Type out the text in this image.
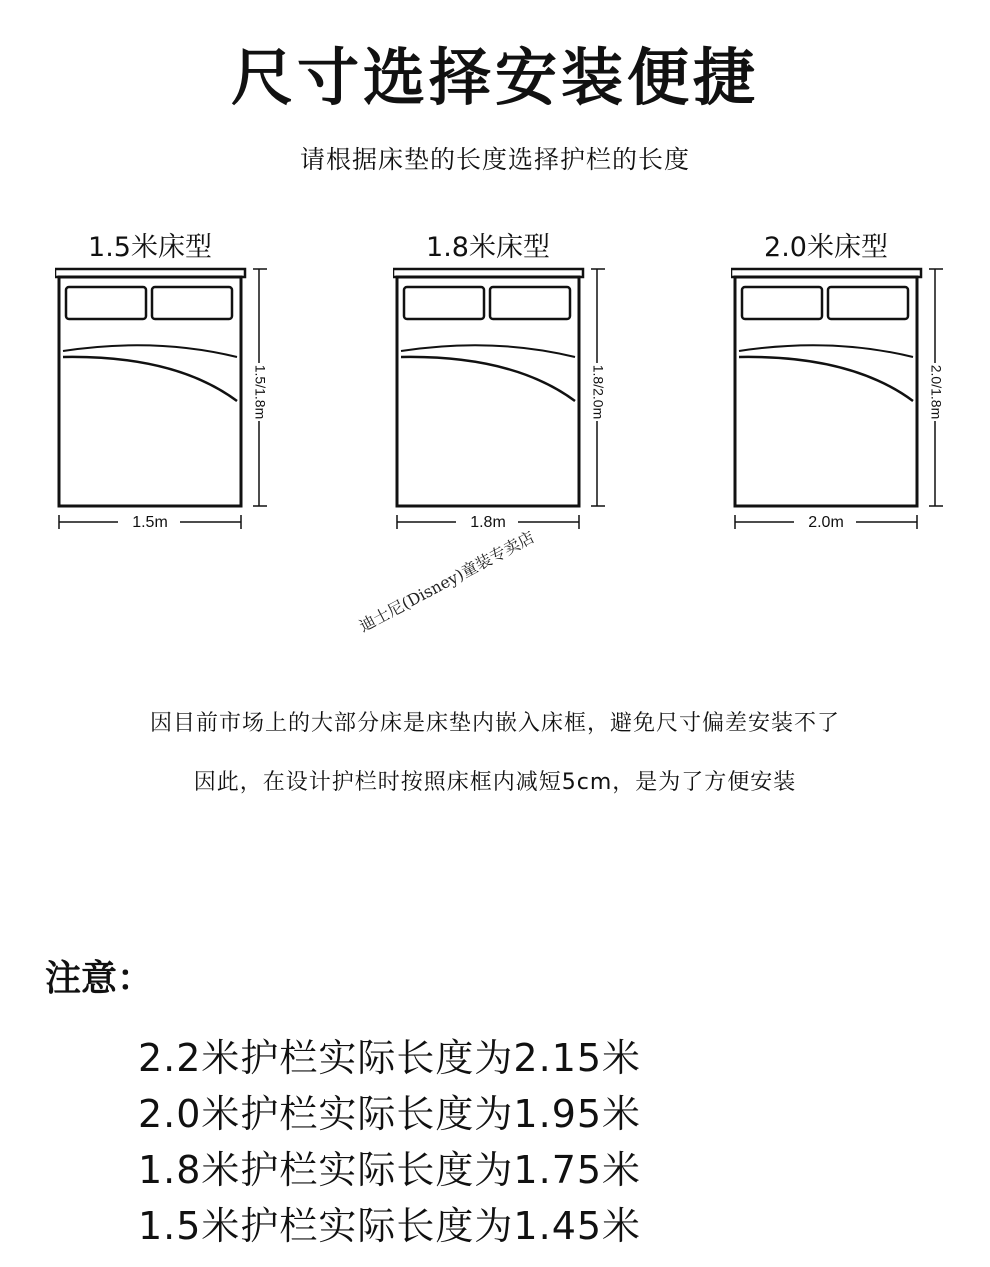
尺寸选择安装便捷
请根据床垫的长度选择护栏的长度
1.5米床型
1.5/1.8m
1.5m
1.8米床型
1.8/2.0m
1.8m
2.0米床型
2.0/1.8m
2.0m
迪士尼(Disney)童装专卖店
因目前市场上的大部分床是床垫内嵌入床框，避免尺寸偏差安装不了
因此，在设计护栏时按照床框内减短5cm，是为了方便安装
注意：
2.2米护栏实际长度为2.15米
2.0米护栏实际长度为1.95米
1.8米护栏实际长度为1.75米
1.5米护栏实际长度为1.45米
